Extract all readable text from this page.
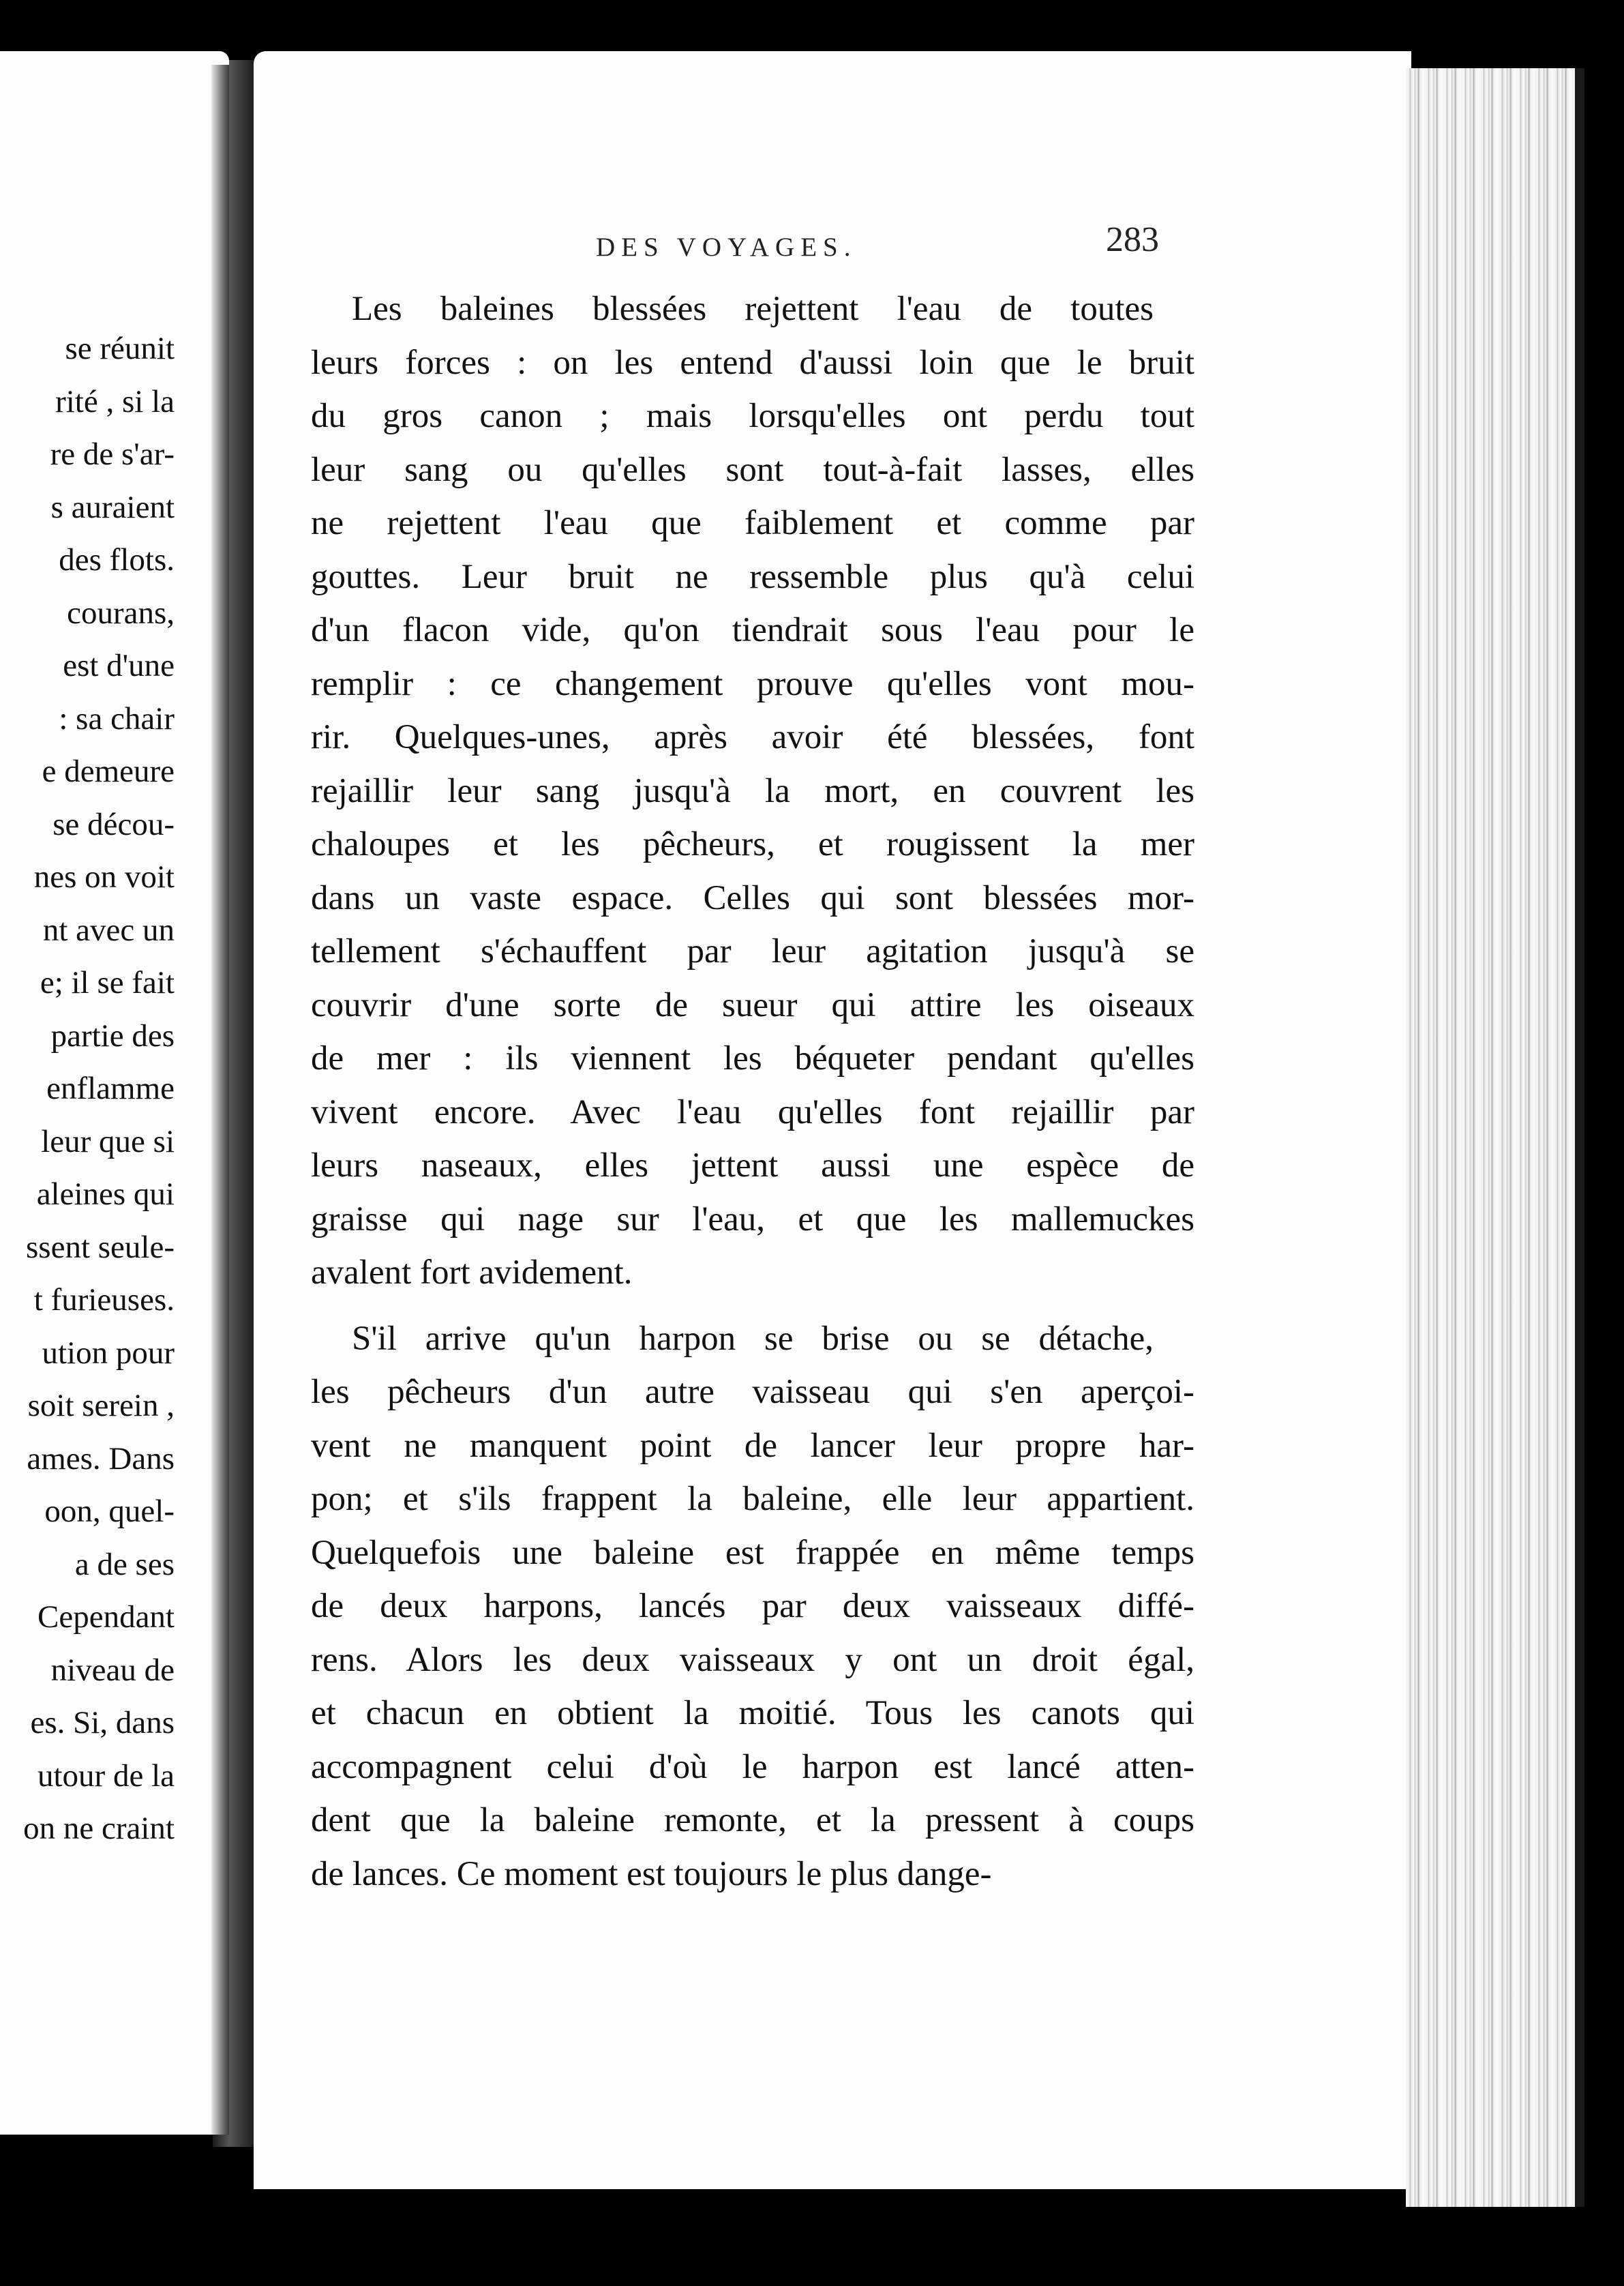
se réunit
rité , si la
re de s'ar-
s auraient
des flots.
courans,
est d'une
: sa chair
e demeure
se décou-
nes on voit
nt avec un
e; il se fait
partie des
enflamme
leur que si
aleines qui
ssent seule-
t furieuses.
ution pour
soit serein ,
ames. Dans
oon, quel-
a de ses
Cependant
niveau de
es. Si, dans
utour de la
on ne craint
DES VOYAGES.	283
Les baleines blessées rejettent l'eau de toutes
leurs forces : on les entend d'aussi loin que le bruit
du gros canon ; mais lorsqu'elles ont perdu tout
leur sang ou qu'elles sont tout-à-fait lasses, elles
ne rejettent l'eau que faiblement et comme par
gouttes. Leur bruit ne ressemble plus qu'à celui
d'un flacon vide, qu'on tiendrait sous l'eau pour le
remplir : ce changement prouve qu'elles vont mou-
rir. Quelques-unes, après avoir été blessées, font
rejaillir leur sang jusqu'à la mort, en couvrent les
chaloupes et les pêcheurs, et rougissent la mer
dans un vaste espace. Celles qui sont blessées mor-
tellement s'échauffent par leur agitation jusqu'à se
couvrir d'une sorte de sueur qui attire les oiseaux
de mer : ils viennent les béqueter pendant qu'elles
vivent encore. Avec l'eau qu'elles font rejaillir par
leurs naseaux, elles jettent aussi une espèce de
graisse qui nage sur l'eau, et que les mallemuckes
avalent fort avidement.
S'il arrive qu'un harpon se brise ou se détache,
les pêcheurs d'un autre vaisseau qui s'en aperçoi-
vent ne manquent point de lancer leur propre har-
pon; et s'ils frappent la baleine, elle leur appartient.
Quelquefois une baleine est frappée en même temps
de deux harpons, lancés par deux vaisseaux diffé-
rens. Alors les deux vaisseaux y ont un droit égal,
et chacun en obtient la moitié. Tous les canots qui
accompagnent celui d'où le harpon est lancé atten-
dent que la baleine remonte, et la pressent à coups
de lances. Ce moment est toujours le plus dange-
